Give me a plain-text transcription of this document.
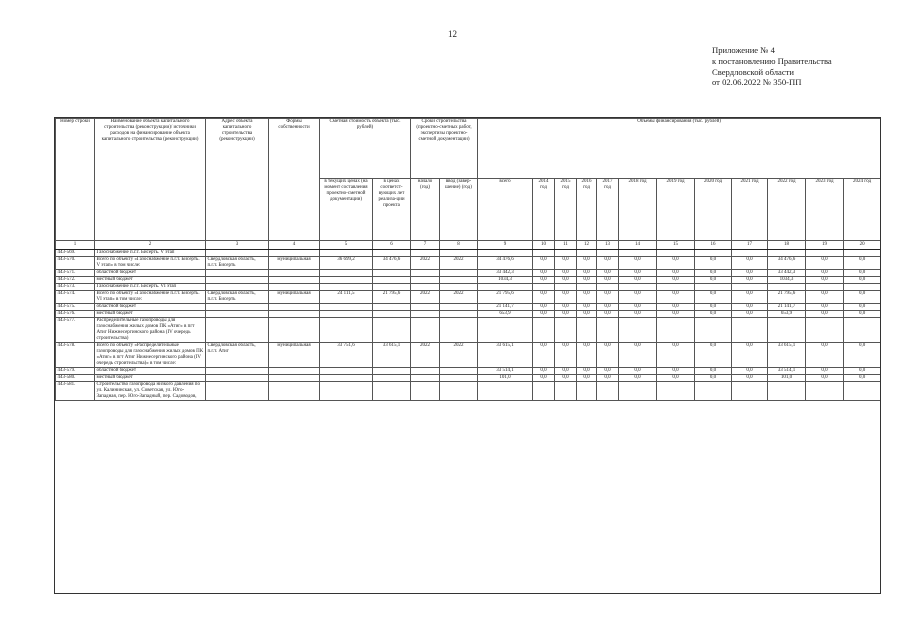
12
Приложение № 4
к постановлению Правительства
Свердловской области
от 02.06.2022 № 350-ПП
Номер строки	Наименование объекта капитального строительства (реконструкции)/ источники расходов на финансирование объекта капитального строительства (реконструкции)	Адрес объекта капитального строительства (реконструкции)	Формы собственности	Сметная стоимость объекта (тыс. рублей)		Сроки строительства (проектно-сметных работ, экспертизы проектно-сметной документации)		Объемы финансирования (тыс. рублей)											
				в текущих ценах (на момент составления проектно-сметной документации)	в ценах соответст-вующих лет реализа-ции проекта	начало (год)	ввод (завер-шение) (год)	всего	2014 год	2015 год	2016 год	2017 год	2018 год	2019 год	2020 год	2021 год	2022 год	2023 год	2024 год
1	2	3	4	5	6	7	8	9	10	11	12	13	14	15	16	17	18	19	20
443-569.	Газоснабжение п.г.т. Бисерть. V этап																		
443-570.	Всего по объекту «Газоснабжение п.г.т. Бисерть. V этап» в том числе:	Свердловская область, п.г.т. Бисерть	муниципальная	36 699,2	34 476,6	2022	2022	34 476,6	0,0	0,0	0,0	0,0	0,0	0,0	0,0	0,0	34 476,6	0,0	0,0
443-571.	областной бюджет							33 442,3	0,0	0,0	0,0	0,0	0,0	0,0	0,0	0,0	33 442,3	0,0	0,0
443-572.	местный бюджет							1034,3	0,0	0,0	0,0	0,0	0,0	0,0	0,0	0,0	1034,3	0,0	0,0
443-573.	Газоснабжение п.г.т. Бисерть. VI этап																		
443-574.	Всего по объекту «Газоснабжение п.г.т. Бисерть. VI этап» в том числе:	Свердловская область, п.г.т. Бисерть	муниципальная	24 111,5	21 795,6	2022	2022	21 795,6	0,0	0,0	0,0	0,0	0,0	0,0	0,0	0,0	21 795,6	0,0	0,0
443-575.	областной бюджет							21 141,7	0,0	0,0	0,0	0,0	0,0	0,0	0,0	0,0	21 141,7	0,0	0,0
443-576.	местный бюджет							653,9	0,0	0,0	0,0	0,0	0,0	0,0	0,0	0,0	653,9	0,0	0,0
443-577.	Распределительные газопроводы для газоснабжения жилых домов ПК «Атиг» в пгт Атиг Нижнесергинского района (IV очередь строительства)																		
443-578.	Всего по объекту «Распределительные газопроводы для газоснабжения жилых домов ПК «Атиг» в пгт Атиг Нижнесергинского района (IV очередь строительства)» в том числе:	Свердловская область, п.г.т. Атиг	муниципальная	33 751,6	33 615,1	2022	2022	33 615,1	0,0	0,0	0,0	0,0	0,0	0,0	0,0	0,0	33 615,1	0,0	0,0
443-579.	областной бюджет							33 514,1	0,0	0,0	0,0	0,0	0,0	0,0	0,0	0,0	33 514,1	0,0	0,0
443-580.	местный бюджет							101,0	0,0	0,0	0,0	0,0	0,0	0,0	0,0	0,0	101,0	0,0	0,0
443-581.	Строительство газопровода низкого давления по ул. Калининская, ул. Советская, ул. Юго-Западная, пер. Юго-Западный, пер. Садоводов,																		
